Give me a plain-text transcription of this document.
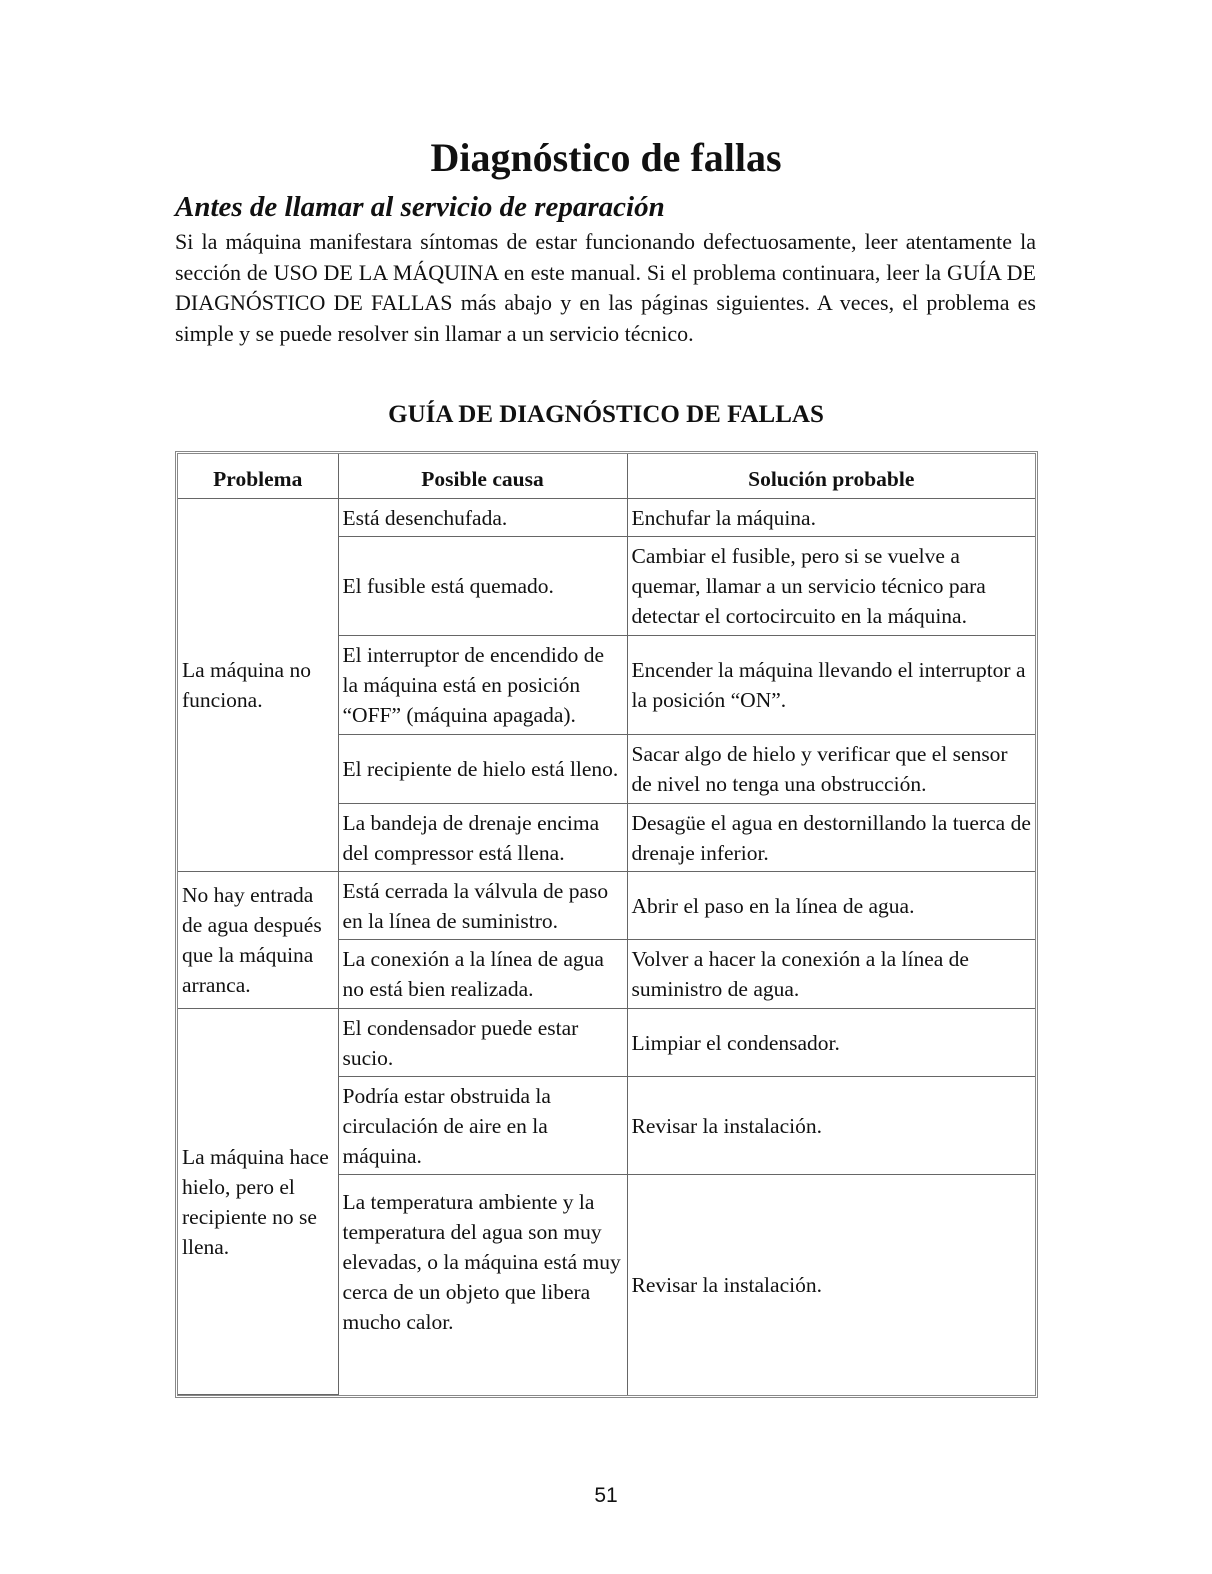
Diagnóstico de fallas
Antes de llamar al servicio de reparación

Si la máquina manifestara síntomas de estar funcionando defectuosamente, leer atentamente la sección de USO DE LA MÁQUINA en este manual. Si el problema continuara, leer la GUÍA DE DIAGNÓSTICO DE FALLAS más abajo y en las páginas siguientes. A veces, el problema es simple y se puede resolver sin llamar a un servicio técnico.

GUÍA DE DIAGNÓSTICO DE FALLAS
Problema	Posible causa	Solución probable
La máquina no funciona.	Está desenchufada.	Enchufar la máquina.
	El fusible está quemado.	Cambiar el fusible, pero si se vuelve a quemar, llamar a un servicio técnico para detectar el cortocircuito en la máquina.
	El interruptor de encendido de la máquina está en posición “OFF” (máquina apagada).	Encender la máquina llevando el interruptor a la posición “ON”.
	El recipiente de hielo está lleno.	Sacar algo de hielo y verificar que el sensor de nivel no tenga una obstrucción.
	La bandeja de drenaje encima del compressor está llena.	Desagüe el agua en destornillando la tuerca de drenaje inferior.
No hay entrada de agua después que la máquina arranca.	Está cerrada la válvula de paso en la línea de suministro.	Abrir el paso en la línea de agua.
	La conexión a la línea de agua no está bien realizada.	Volver a hacer la conexión a la línea de suministro de agua.
La máquina hace hielo, pero el recipiente no se llena.	El condensador puede estar sucio.	Limpiar el condensador.
	Podría estar obstruida la circulación de aire en la máquina.	Revisar la instalación.
	La temperatura ambiente y la temperatura del agua son muy elevadas, o la máquina está muy cerca de un objeto que libera mucho calor.	Revisar la instalación.
51
